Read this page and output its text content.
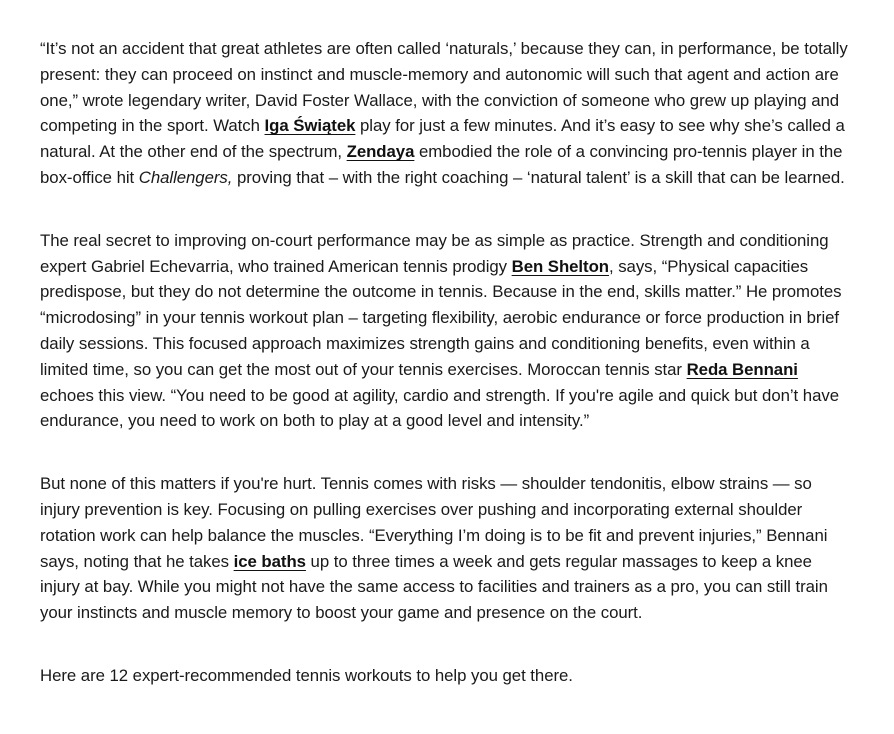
“It’s not an accident that great athletes are often called ‘naturals,’ because they can, in performance, be totally present: they can proceed on instinct and muscle-memory and autonomic will such that agent and action are one,” wrote legendary writer, David Foster Wallace, with the conviction of someone who grew up playing and competing in the sport. Watch Iga Świątek play for just a few minutes. And it’s easy to see why she’s called a natural. At the other end of the spectrum, Zendaya embodied the role of a convincing pro-tennis player in the box-office hit Challengers, proving that – with the right coaching – ‘natural talent’ is a skill that can be learned.

The real secret to improving on-court performance may be as simple as practice. Strength and conditioning expert Gabriel Echevarria, who trained American tennis prodigy Ben Shelton, says, “Physical capacities predispose, but they do not determine the outcome in tennis. Because in the end, skills matter.” He promotes “microdosing” in your tennis workout plan – targeting flexibility, aerobic endurance or force production in brief daily sessions. This focused approach maximizes strength gains and conditioning benefits, even within a limited time, so you can get the most out of your tennis exercises. Moroccan tennis star Reda Bennani echoes this view. “You need to be good at agility, cardio and strength. If you're agile and quick but don’t have endurance, you need to work on both to play at a good level and intensity.”

But none of this matters if you're hurt. Tennis comes with risks — shoulder tendonitis, elbow strains — so injury prevention is key. Focusing on pulling exercises over pushing and incorporating external shoulder rotation work can help balance the muscles. “Everything I’m doing is to be fit and prevent injuries,” Bennani says, noting that he takes ice baths up to three times a week and gets regular massages to keep a knee injury at bay. While you might not have the same access to facilities and trainers as a pro, you can still train your instincts and muscle memory to boost your game and presence on the court.

Here are 12 expert-recommended tennis workouts to help you get there.
